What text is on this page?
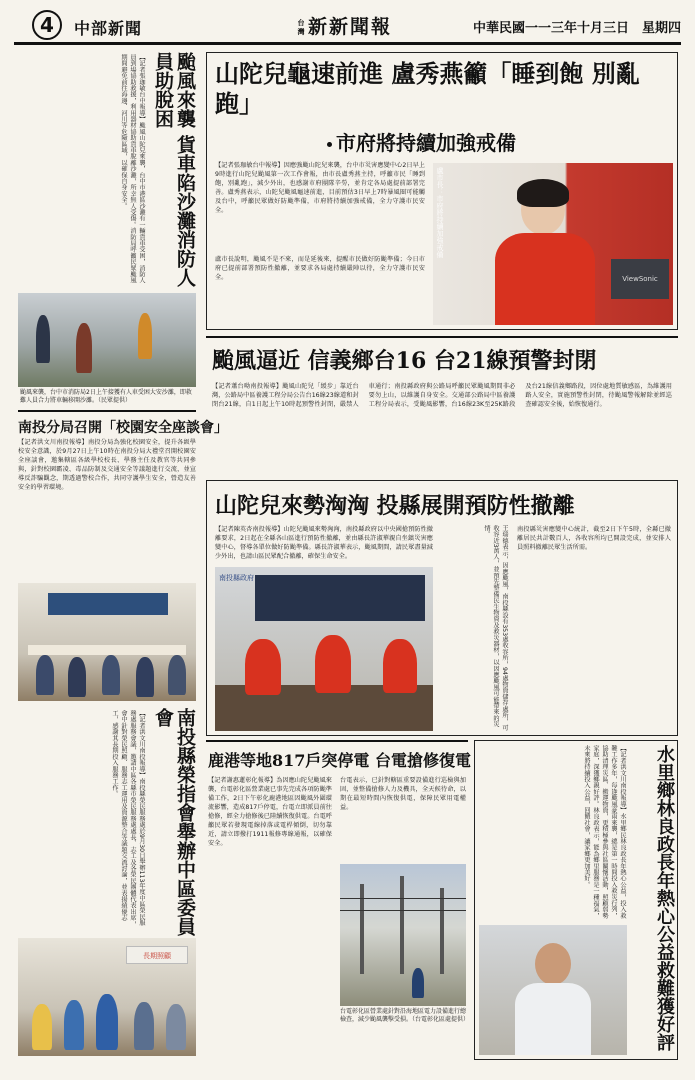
4 中部新聞	台灣 新新聞報	中華民國一一三年十月三日　星期四
颱風來襲 貨車陷沙灘消防人員助脫困
【記者張珈敏台中報導】颱風山陀兒來襲，台中市港區沙灘有一輛貨車受困，消防人員到場協助救援，利用器材協助貨車脫離沙灘，所幸無人受傷。消防局呼籲民眾颱風期間避免前往海邊、河川等危險區域，以確保自身安全。
颱風來襲，台中市消防局2日上午接獲有人車受困大安沙灘，即救難人員合力將車輛移開沙灘。（民眾提供）
南投分局召開「校園安全座談會」
【記者洪文川南投報導】南投分局為強化校園安全，提升各級學校安全意識，於9月27日上午10時在南投分局大禮堂召開校園安全座談會，邀集轄區各級學校校長、學務主任及教官等共同參與，針對校園霸凌、毒品防制及交通安全等議題進行交流，並宣導反詐騙觀念，期透過警校合作，共同守護學生安全，營造友善安全的學習環境。
南投縣榮指會舉辦中區委員會
【記者洪文川南投報導】南投縣榮民服務處於9月30日舉辦113年度中區榮民服務處服務會議，邀請中區各縣市榮民服務處處長、志工及各榮民團體代表出席，會中針對榮民照顧、服務志工運用及資源整合等議題交流討論，並表揚績優志工，感謝其長期投入服務工作。
長期照顧
山陀兒龜速前進 盧秀燕籲「睡到飽 別亂跑」
市府將持續加強戒備
【記者張珈敏台中報導】因應強颱山陀兒來襲，台中市災害應變中心2日早上9時進行山陀兒颱風第一次工作會報，由市長盧秀燕主持，呼籲市民「睡到飽，別亂跑」，減少外出，也感謝市府團隊辛勞，並肯定各局處提前部署完善。盧秀燕表示，山陀兒颱風龜速前進，目前預估3日早上7時暴風圈可能觸及台中，呼籲民眾做好防颱準備，市府將持續加強戒備，全力守護市民安全。
盧市長說明，颱風不是不來，而是延後來，提醒市民做好防颱準備；今日市府已提前部署預防性撤離，並要求各局處持續嚴陣以待，全力守護市民安全。	ViewSonic
盧市長：市府將持續加強戒備
颱風逼近 信義鄉台16 台21線預警封閉
【記者蕭台呦南投報導】颱風山陀兒「緩步」靠近台灣，公路局中區養護工程分局公告台16線23線道和封閉台21線，自1日起上午10時起預警性封閉，嚴禁人車通行；南投縣政府與公路局呼籲民眾颱風期間非必要勿上山，以維護自身安全。交通部公路局中區養護工程分局表示，受颱風影響，台16線23K至25K路段及台21線信義鄉路段，因位處地質敏感區，為維護用路人安全，實施預警性封閉，待颱風警報解除並經巡查確認安全後，始恢復通行。
山陀兒來勢洶洶 投縣展開預防性撤離
【記者陳英杏南投報導】山陀兒颱風來勢洶洶，南投縣政府以中央國搶預防性撤離要求，2日起在全縣各山區進行預防性撤離，並由縣長許淑華親自坐鎮災害應變中心，督導各單位做好防颱準備。縣長許淑華表示，颱風期間，請民眾盡量減少外出，也請山區民眾配合撤離，確保生命安全。
南投縣政府	王瑞德表示，因應颱風，南投縣設有353處收容所，94處物資儲存處所，可收容近3萬人，並預先整備民生物資及救災器材，以因應颱風可能帶來的災情。	南投縣災害應變中心統計，截至2日下午5時，全縣已撤離居民共計數百人，各收容所均已開設完成，並安排人員照料撤離民眾生活所需。
鹿港等地817戶突停電 台電搶修復電
【記者謝惠蓮彰化報導】為因應山陀兒颱風來襲，台電彰化區營業處已事先完成各項防颱準備工作，2日下午彰化鹿港地區因颱風外圍環流影響，造成817戶停電，台電立即派員前往搶修，經全力搶修後已陸續恢復供電。台電呼籲民眾若發現電線掉落或電桿傾倒，切勿靠近，請立即撥打1911報修專線通報，以確保安全。
台電表示，已針對轄區重要設備進行巡檢與加固，並整備搶修人力及機具，全天候待命，以期在最短時間內恢復供電，保障民眾用電權益。
台電彰化區營業處針對沿海地區電力設備進行總檢查，減少颱風襲擊受損。（台電彰化區處提供）	水里鄉林良政長年熱心公益救難獲好評
【記者洪文川南投報導】水里鄉民林良政長年熱心公益，投入救難工作多年，每逢颱風豪雨來襲，總是第一時間投入救災行列，協助清理災區、搬運物資，更積極參與社區關懷活動，照顧弱勢家庭，深獲鄉親好評。林良政表示，能為鄉里服務是一種福氣，未來將持續投入公益，回饋社會，讓家鄉更加美好。
